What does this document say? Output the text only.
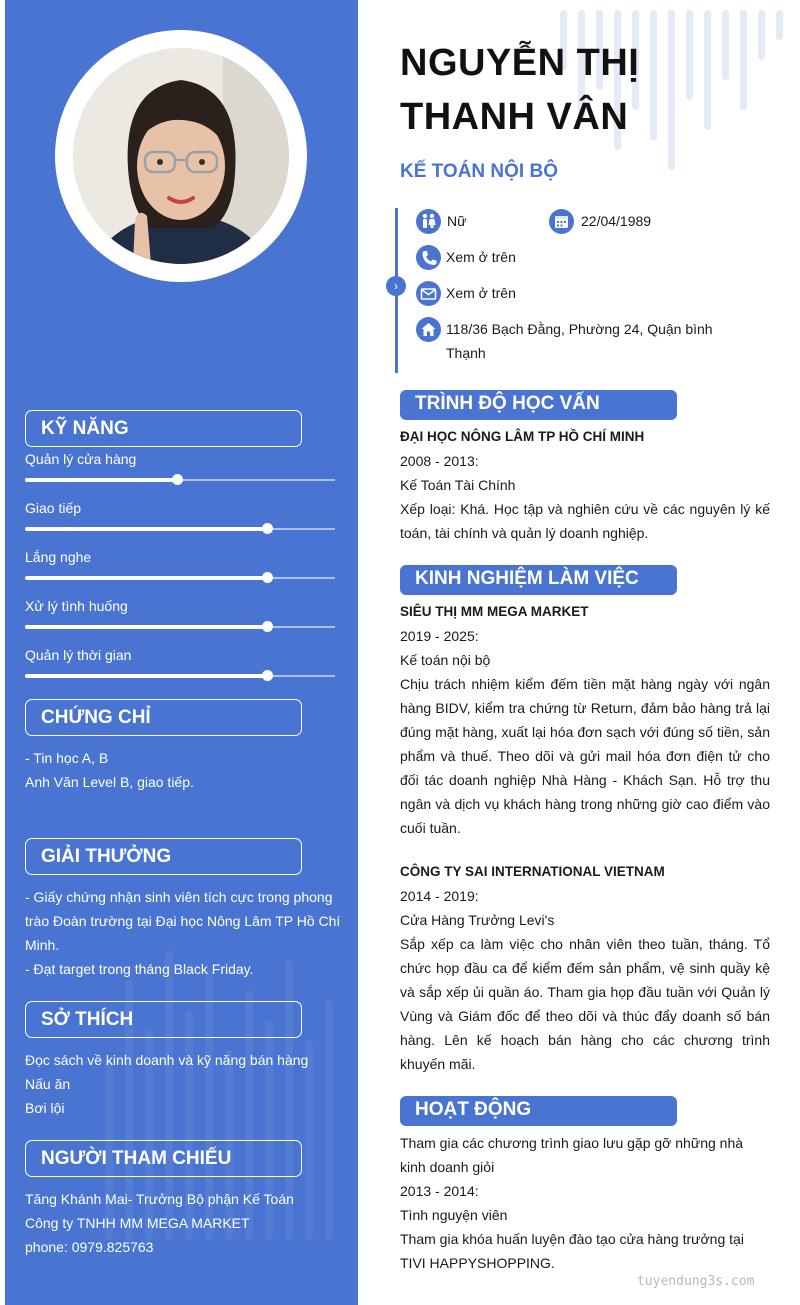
KỸ NĂNG
Quản lý cửa hàng
Giao tiếp
Lắng nghe
Xử lý tình huống
Quản lý thời gian
CHỨNG CHỈ
- Tin học A, B
Anh Văn Level B, giao tiếp.
GIẢI THƯỞNG
- Giấy chứng nhận sinh viên tích cực trong phong
trào Đoàn trường tại Đại học Nông Lâm TP Hồ Chí
Minh.
- Đạt target trong tháng Black Friday.
SỞ THÍCH
Đọc sách về kinh doanh và kỹ năng bán hàng
Nấu ăn
Bơi lội
NGƯỜI THAM CHIẾU
Tăng Khánh Mai- Trưởng Bộ phận Kế Toán
Công ty TNHH MM MEGA MARKET
phone: 0979.825763
NGUYỄN THỊ
THANH VÂN
KẾ TOÁN NỘI BỘ
›
Nữ	22/04/1989
Xem ở trên
Xem ở trên
118/36 Bạch Đằng, Phường 24, Quận bình
Thạnh
TRÌNH ĐỘ HỌC VẤN
ĐẠI HỌC NÔNG LÂM TP HỒ CHÍ MINH
2008 - 2013:
Kế Toán Tài Chính
Xếp loại: Khá. Học tập và nghiên cứu về các nguyên lý kế toán, tài chính và quản lý doanh nghiệp.
KINH NGHIỆM LÀM VIỆC
SIÊU THỊ MM MEGA MARKET
2019 - 2025:
Kế toán nội bộ
Chịu trách nhiệm kiểm đếm tiền mặt hàng ngày với ngân hàng BIDV, kiểm tra chứng từ Return, đảm bảo hàng trả lại đúng mặt hàng, xuất lại hóa đơn sạch với đúng số tiền, sản phẩm và thuế. Theo dõi và gửi mail hóa đơn điện tử cho đối tác doanh nghiệp Nhà Hàng - Khách Sạn. Hỗ trợ thu ngân và dịch vụ khách hàng trong những giờ cao điểm vào cuối tuần.
CÔNG TY SAI INTERNATIONAL VIETNAM
2014 - 2019:
Cửa Hàng Trưởng Levi's
Sắp xếp ca làm việc cho nhân viên theo tuần, tháng. Tổ chức họp đầu ca để kiểm đếm sản phẩm, vệ sinh quầy kệ và sắp xếp ủi quần áo. Tham gia họp đầu tuần với Quản lý Vùng và Giám đốc để theo dõi và thúc đẩy doanh số bán hàng. Lên kế hoạch bán hàng cho các chương trình khuyến mãi.
HOẠT ĐỘNG
Tham gia các chương trình giao lưu gặp gỡ những nhà kinh doanh giỏi
2013 - 2014:
Tình nguyện viên
Tham gia khóa huấn luyện đào tạo cửa hàng trưởng tại TIVI HAPPYSHOPPING.
tuyendung3s.com
